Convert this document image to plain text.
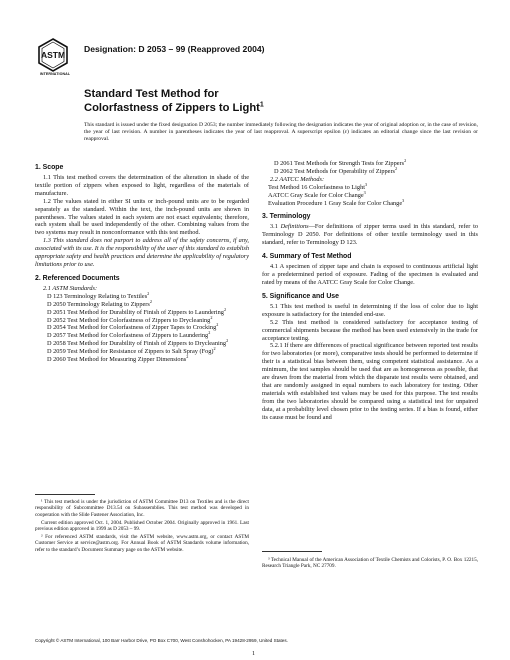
ASTM
INTERNATIONAL
Designation: D 2053 – 99 (Reapproved 2004)
Standard Test Method for
Colorfastness of Zippers to Light$^1$
This standard is issued under the fixed designation D 2053; the number immediately following the designation indicates the year of original adoption or, in the case of revision, the year of last revision. A number in parentheses indicates the year of last reapproval. A superscript epsilon (ε) indicates an editorial change since the last revision or reapproval.
1. Scope

1.1 This test method covers the determination of the alteration in shade of the textile portion of zippers when exposed to light, regardless of the materials of manufacture.

1.2 The values stated in either SI units or inch-pound units are to be regarded separately as the standard. Within the text, the inch-pound units are shown in parentheses. The values stated in each system are not exact equivalents; therefore, each system shall be used independently of the other. Combining values from the two systems may result in nonconformance with this test method.

1.3 This standard does not purport to address all of the safety concerns, if any, associated with its use. It is the responsibility of the user of this standard to establish appropriate safety and health practices and determine the applicability of regulatory limitations prior to use.

2. Referenced Documents
2.1 ASTM Standards:
D 123 Terminology Relating to Textiles$^2$
D 2050 Terminology Relating to Zippers$^2$
D 2051 Test Method for Durability of Finish of Zippers to Laundering$^2$
D 2052 Test Method for Colorfastness of Zippers to Drycleaning$^2$
D 2054 Test Method for Colorfastness of Zipper Tapes to Crocking$^2$
D 2057 Test Method for Colorfastness of Zippers to Laundering$^2$
D 2058 Test Method for Durability of Finish of Zippers to Drycleaning$^2$
D 2059 Test Method for Resistance of Zippers to Salt Spray (Fog)$^2$
D 2060 Test Method for Measuring Zipper Dimensions$^2$
D 2061 Test Methods for Strength Tests for Zippers$^2$
D 2062 Test Methods for Operability of Zippers$^2$
2.2 AATCC Methods:
Test Method 16 Colorfastness to Light$^3$
AATCC Gray Scale for Color Change$^3$
Evaluation Procedure 1 Gray Scale for Color Change$^3$
3. Terminology

3.1 Definitions—For definitions of zipper terms used in this standard, refer to Terminology D 2050. For definitions of other textile terminology used in this standard, refer to Terminology D 123.

4. Summary of Test Method

4.1 A specimen of zipper tape and chain is exposed to continuous artificial light for a predetermined period of exposure. Fading of the specimen is evaluated and rated by means of the AATCC Gray Scale for Color Change.

5. Significance and Use

5.1 This test method is useful in determining if the loss of color due to light exposure is satisfactory for the intended end-use.

5.2 This test method is considered satisfactory for acceptance testing of commercial shipments because the method has been used extensively in the trade for acceptance testing.

5.2.1 If there are differences of practical significance between reported test results for two laboratories (or more), comparative tests should be performed to determine if their is a statistical bias between them, using competent statistical assistance. As a minimum, the test samples should be used that are as homogeneous as possible, that are drawn from the material from which the disparate test results were obtained, and that are randomly assigned in equal numbers to each laboratory for testing. Other materials with established test values may be used for this purpose. The test results from the two laboratories should be compared using a statistical test for unpaired data, at a probability level chosen prior to the testing series. If a bias is found, either its cause must be found and

¹ This test method is under the jurisdiction of ASTM Committee D13 on Textiles and is the direct responsibility of Subcommittee D13.54 on Subassemblies. This test method was developed in cooperation with the Slide Fastener Association, Inc.

Current edition approved Oct. 1, 2004. Published October 2004. Originally approved in 1961. Last previous edition approved in 1999 as D 2053 – 99.

² For referenced ASTM standards, visit the ASTM website, www.astm.org, or contact ASTM Customer Service at service@astm.org. For Annual Book of ASTM Standards volume information, refer to the standard’s Document Summary page on the ASTM website.

³ Technical Manual of the American Association of Textile Chemists and Colorists, P. O. Box 12215, Research Triangle Park, NC 27709.
Copyright © ASTM International, 100 Barr Harbor Drive, PO Box C700, West Conshohocken, PA 19428-2959, United States.
1
